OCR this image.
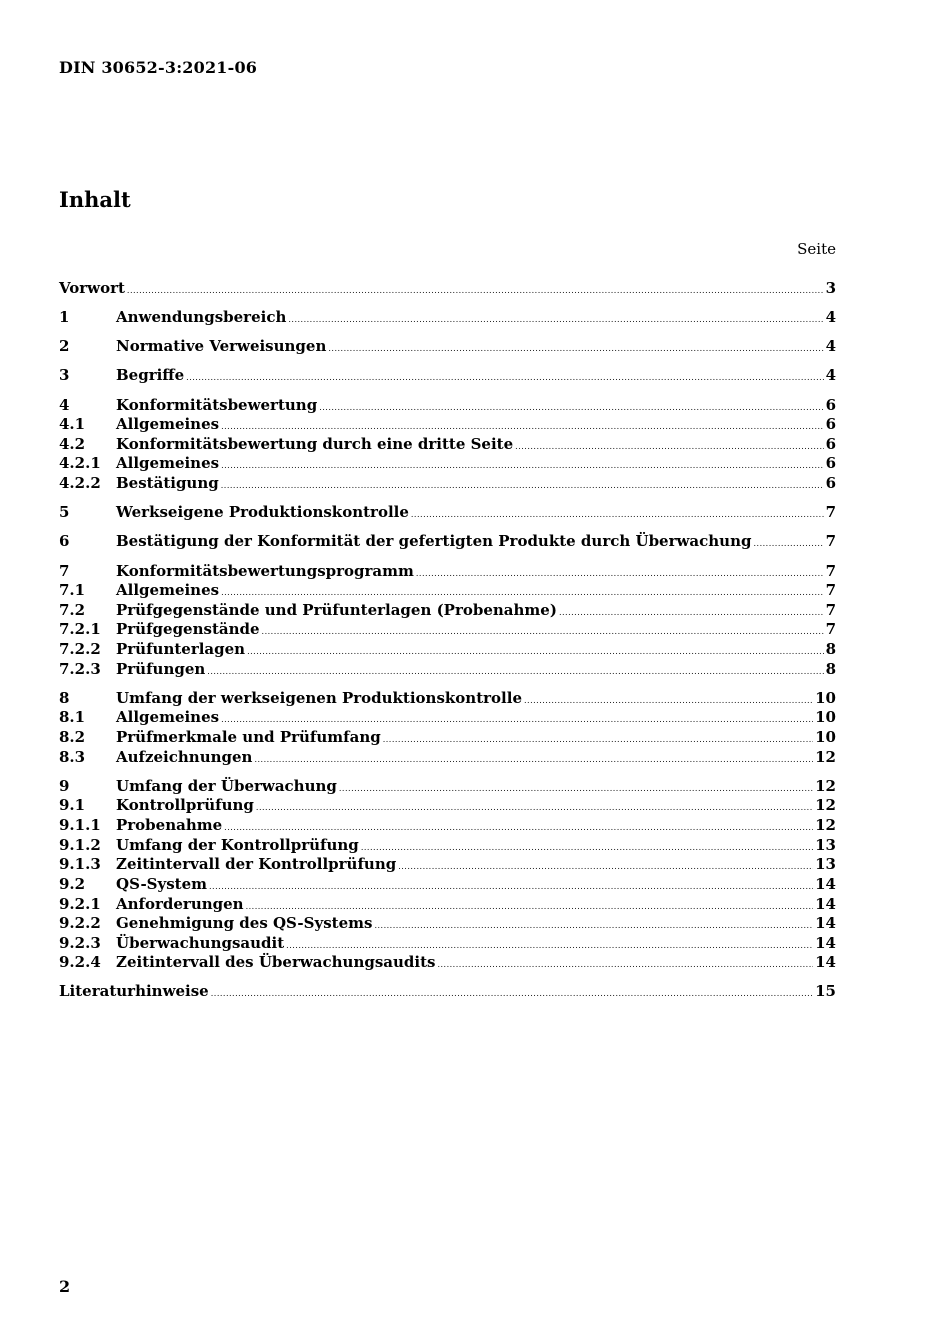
DIN 30652-3:2021-06
Inhalt
Seite
Vorwort .....	3
1	Anwendungsbereich .....	4
2	Normative Verweisungen .....	4
3	Begriffe .....	4
4	Konformitätsbewertung .....	6
4.1	Allgemeines .....	6
4.2	Konformitätsbewertung durch eine dritte Seite .....	6
4.2.1	Allgemeines .....	6
4.2.2	Bestätigung .....	6
5	Werkseigene Produktionskontrolle .....	7
6	Bestätigung der Konformität der gefertigten Produkte durch Überwachung .....	7
7	Konformitätsbewertungsprogramm .....	7
7.1	Allgemeines .....	7
7.2	Prüfgegenstände und Prüfunterlagen (Probenahme) .....	7
7.2.1	Prüfgegenstände .....	7
7.2.2	Prüfunterlagen .....	8
7.2.3	Prüfungen .....	8
8	Umfang der werkseigenen Produktionskontrolle .....	10
8.1	Allgemeines .....	10
8.2	Prüfmerkmale und Prüfumfang .....	10
8.3	Aufzeichnungen .....	12
9	Umfang der Überwachung .....	12
9.1	Kontrollprüfung .....	12
9.1.1	Probenahme .....	12
9.1.2	Umfang der Kontrollprüfung .....	13
9.1.3	Zeitintervall der Kontrollprüfung .....	13
9.2	QS-System .....	14
9.2.1	Anforderungen .....	14
9.2.2	Genehmigung des QS-Systems .....	14
9.2.3	Überwachungsaudit .....	14
9.2.4	Zeitintervall des Überwachungsaudits .....	14
Literaturhinweise .....	15
2
